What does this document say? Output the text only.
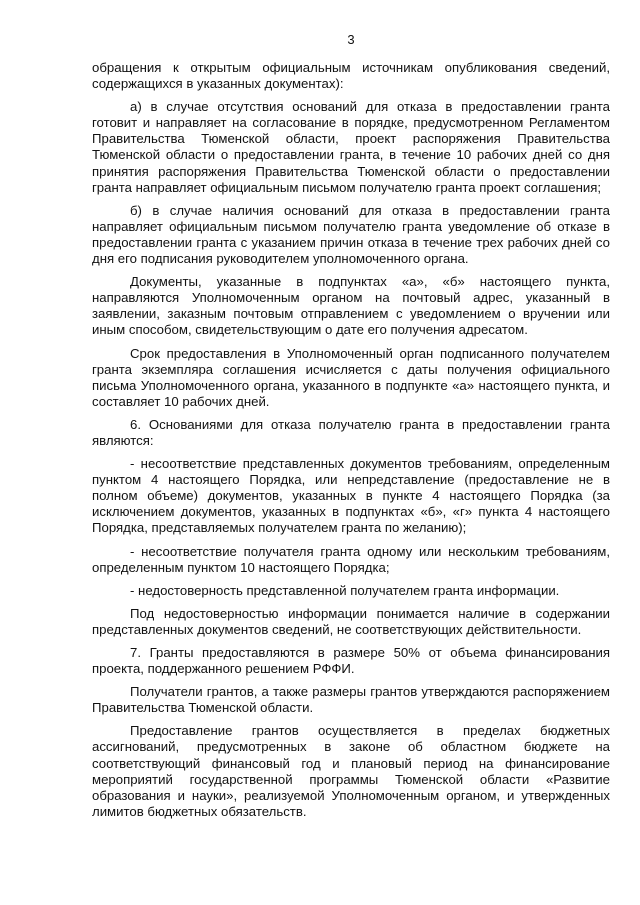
3

обращения к открытым официальным источникам опубликования сведений, содержащихся в указанных документах):

а) в случае отсутствия оснований для отказа в предоставлении гранта готовит и направляет на согласование в порядке, предусмотренном Регламентом Правительства Тюменской области, проект распоряжения Правительства Тюменской области о предоставлении гранта, в течение 10 рабочих дней со дня принятия распоряжения Правительства Тюменской области о предоставлении гранта направляет официальным письмом получателю гранта проект соглашения;

б) в случае наличия оснований для отказа в предоставлении гранта направляет официальным письмом получателю гранта уведомление об отказе в предоставлении гранта с указанием причин отказа в течение трех рабочих дней со дня его подписания руководителем уполномоченного органа.

Документы, указанные в подпунктах «а», «б» настоящего пункта, направляются Уполномоченным органом на почтовый адрес, указанный в заявлении, заказным почтовым отправлением с уведомлением о вручении или иным способом, свидетельствующим о дате его получения адресатом.

Срок предоставления в Уполномоченный орган подписанного получателем гранта экземпляра соглашения исчисляется с даты получения официального письма Уполномоченного органа, указанного в подпункте «а» настоящего пункта, и составляет 10 рабочих дней.

6. Основаниями для отказа получателю гранта в предоставлении гранта являются:

- несоответствие представленных документов требованиям, определенным пунктом 4 настоящего Порядка, или непредставление (предоставление не в полном объеме) документов, указанных в пункте 4 настоящего Порядка (за исключением документов, указанных в подпунктах «б», «г» пункта 4 настоящего Порядка, представляемых получателем гранта по желанию);

- несоответствие получателя гранта одному или нескольким требованиям, определенным пунктом 10 настоящего Порядка;

- недостоверность представленной получателем гранта информации.

Под недостоверностью информации понимается наличие в содержании представленных документов сведений, не соответствующих действительности.

7. Гранты предоставляются в размере 50% от объема финансирования проекта, поддержанного решением РФФИ.

Получатели грантов, а также размеры грантов утверждаются распоряжением Правительства Тюменской области.

Предоставление грантов осуществляется в пределах бюджетных ассигнований, предусмотренных в законе об областном бюджете на соответствующий финансовый год и плановый период на финансирование мероприятий государственной программы Тюменской области «Развитие образования и науки», реализуемой Уполномоченным органом, и утвержденных лимитов бюджетных обязательств.
